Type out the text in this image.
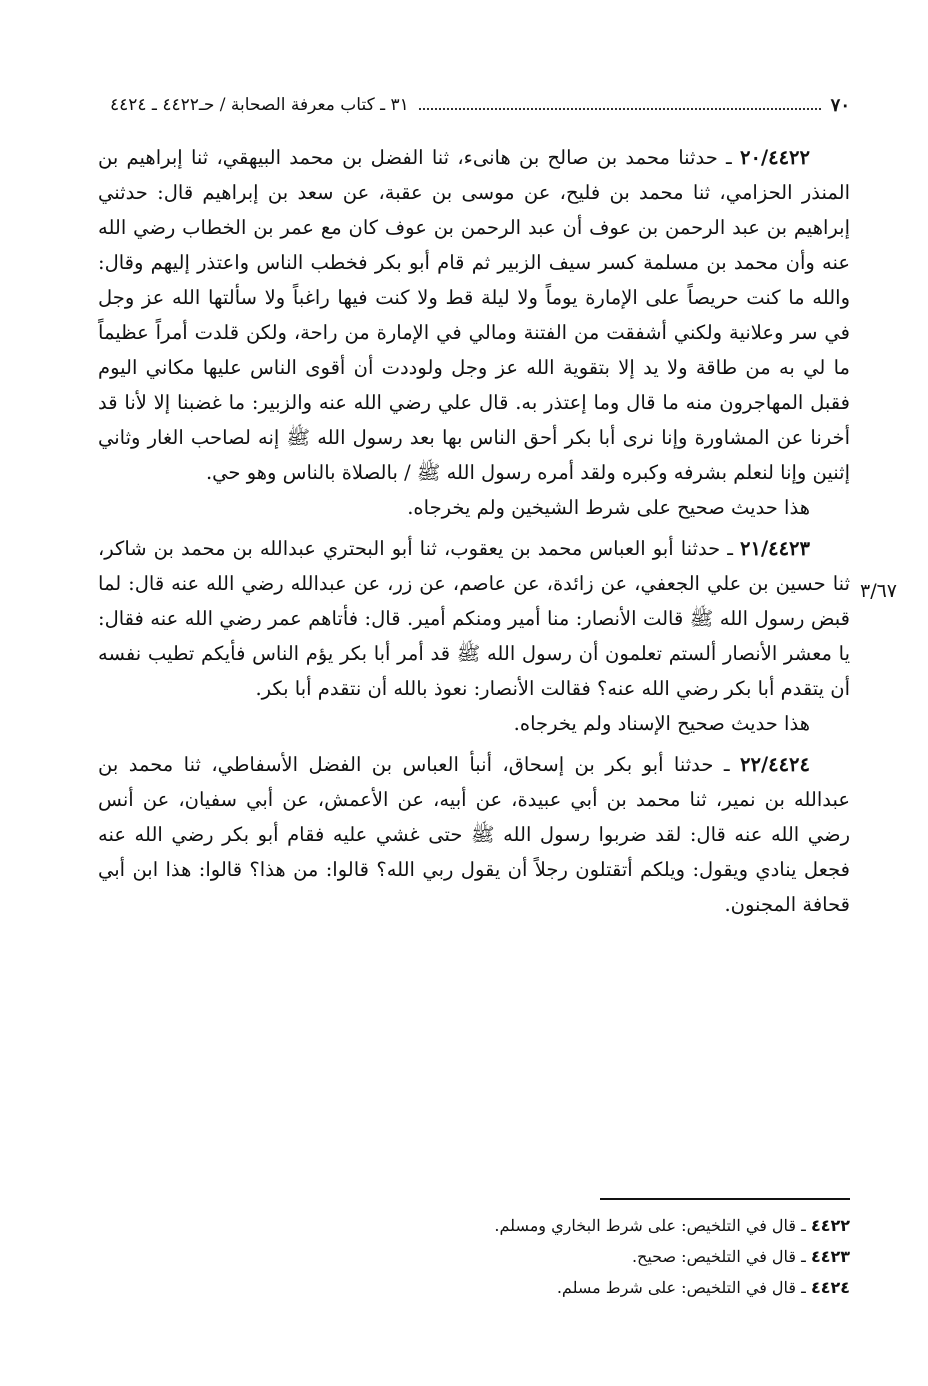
٧٠
٣١ ـ كتاب معرفة الصحابة / حـ٤٤٢٢ ـ ٤٤٢٤
٣/٦٧

٢٠/٤٤٢٢ ـ حدثنا محمد بن صالح بن هانىء، ثنا الفضل بن محمد البيهقي، ثنا إبراهيم بن المنذر الحزامي، ثنا محمد بن فليح، عن موسى بن عقبة، عن سعد بن إبراهيم قال: حدثني إبراهيم بن عبد الرحمن بن عوف أن عبد الرحمن بن عوف كان مع عمر بن الخطاب رضي الله عنه وأن محمد بن مسلمة كسر سيف الزبير ثم قام أبو بكر فخطب الناس واعتذر إليهم وقال: والله ما كنت حريصاً على الإمارة يوماً ولا ليلة قط ولا كنت فيها راغباً ولا سألتها الله عز وجل في سر وعلانية ولكني أشفقت من الفتنة ومالي في الإمارة من راحة، ولكن قلدت أمراً عظيماً ما لي به من طاقة ولا يد إلا بتقوية الله عز وجل ولوددت أن أقوى الناس عليها مكاني اليوم فقبل المهاجرون منه ما قال وما إعتذر به. قال علي رضي الله عنه والزبير: ما غضبنا إلا لأنا قد أخرنا عن المشاورة وإنا نرى أبا بكر أحق الناس بها بعد رسول الله ﷺ إنه لصاحب الغار وثاني إثنين وإنا لنعلم بشرفه وكبره ولقد أمره رسول الله ﷺ / بالصلاة بالناس وهو حي.

هذا حديث صحيح على شرط الشيخين ولم يخرجاه.

٢١/٤٤٢٣ ـ حدثنا أبو العباس محمد بن يعقوب، ثنا أبو البحتري عبدالله بن محمد بن شاكر، ثنا حسين بن علي الجعفي، عن زائدة، عن عاصم، عن زر، عن عبدالله رضي الله عنه قال: لما قبض رسول الله ﷺ قالت الأنصار: منا أمير ومنكم أمير. قال: فأتاهم عمر رضي الله عنه فقال: يا معشر الأنصار ألستم تعلمون أن رسول الله ﷺ قد أمر أبا بكر يؤم الناس فأيكم تطيب نفسه أن يتقدم أبا بكر رضي الله عنه؟ فقالت الأنصار: نعوذ بالله أن نتقدم أبا بكر.

هذا حديث صحيح الإسناد ولم يخرجاه.

٢٢/٤٤٢٤ ـ حدثنا أبو بكر بن إسحاق، أنبأ العباس بن الفضل الأسفاطي، ثنا محمد بن عبدالله بن نمير، ثنا محمد بن أبي عبيدة، عن أبيه، عن الأعمش، عن أبي سفيان، عن أنس رضي الله عنه قال: لقد ضربوا رسول الله ﷺ حتى غشي عليه فقام أبو بكر رضي الله عنه فجعل ينادي ويقول: ويلكم أتقتلون رجلاً أن يقول ربي الله؟ قالوا: من هذا؟ قالوا: هذا ابن أبي قحافة المجنون.

٤٤٢٢ ـ قال في التلخيص: على شرط البخاري ومسلم.

٤٤٢٣ ـ قال في التلخيص: صحيح.

٤٤٢٤ ـ قال في التلخيص: على شرط مسلم.
